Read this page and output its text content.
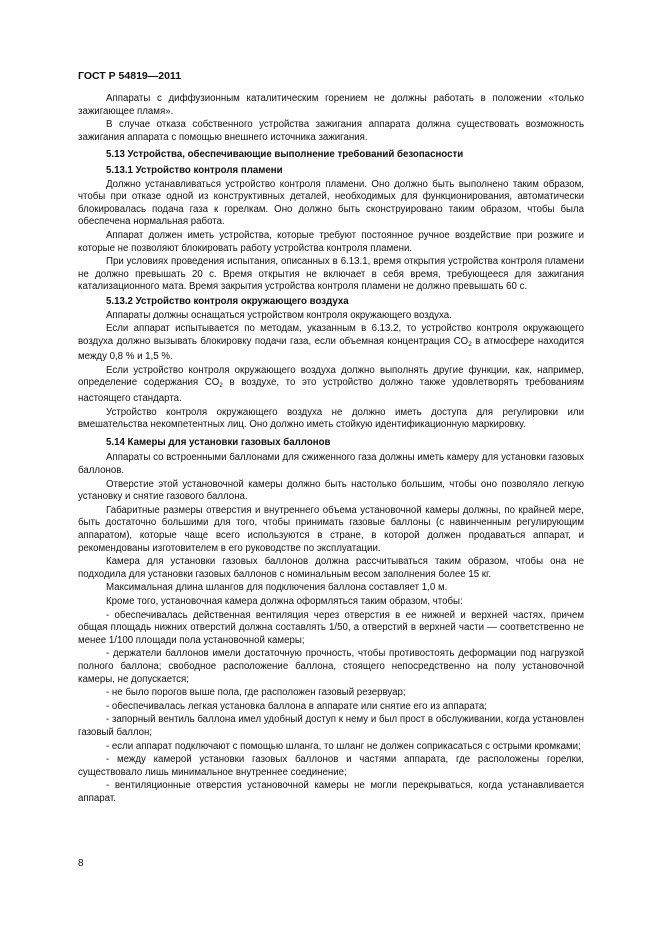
ГОСТ Р 54819—2011

Аппараты с диффузионным каталитическим горением не должны работать в положении «только зажигающее пламя».

В случае отказа собственного устройства зажигания аппарата должна существовать возможность зажигания аппарата с помощью внешнего источника зажигания.

5.13 Устройства, обеспечивающие выполнение требований безопасности
5.13.1 Устройство контроля пламени

Должно устанавливаться устройство контроля пламени. Оно должно быть выполнено таким образом, чтобы при отказе одной из конструктивных деталей, необходимых для функционирования, автоматически блокировалась подача газа к горелкам. Оно должно быть сконструировано таким образом, чтобы была обеспечена нормальная работа.

Аппарат должен иметь устройства, которые требуют постоянное ручное воздействие при розжиге и которые не позволяют блокировать работу устройства контроля пламени.

При условиях проведения испытания, описанных в 6.13.1, время открытия устройства контроля пламени не должно превышать 20 с. Время открытия не включает в себя время, требующееся для зажигания катализационного мата. Время закрытия устройства контроля пламени не должно превышать 60 с.

5.13.2 Устройство контроля окружающего воздуха

Аппараты должны оснащаться устройством контроля окружающего воздуха.

Если аппарат испытывается по методам, указанным в 6.13.2, то устройство контроля окружающего воздуха должно вызывать блокировку подачи газа, если объемная концентрация $CO_2$ в атмосфере находится между 0,8 % и 1,5 %.

Если устройство контроля окружающего воздуха должно выполнять другие функции, как, например, определение содержания $CO_2$ в воздухе, то это устройство должно также удовлетворять требованиям настоящего стандарта.

Устройство контроля окружающего воздуха не должно иметь доступа для регулировки или вмешательства некомпетентных лиц. Оно должно иметь стойкую идентификационную маркировку.

5.14 Камеры для установки газовых баллонов

Аппараты со встроенными баллонами для сжиженного газа должны иметь камеру для установки газовых баллонов.

Отверстие этой установочной камеры должно быть настолько большим, чтобы оно позволяло легкую установку и снятие газового баллона.

Габаритные размеры отверстия и внутреннего объема установочной камеры должны, по крайней мере, быть достаточно большими для того, чтобы принимать газовые баллоны (с навинченным регулирующим аппаратом), которые чаще всего используются в стране, в которой должен продаваться аппарат, и рекомендованы изготовителем в его руководстве по эксплуатации.

Камера для установки газовых баллонов должна рассчитываться таким образом, чтобы она не подходила для установки газовых баллонов с номинальным весом заполнения более 15 кг.

Максимальная длина шлангов для подключения баллона составляет 1,0 м.

Кроме того, установочная камера должна оформляться таким образом, чтобы:

- обеспечивалась действенная вентиляция через отверстия в ее нижней и верхней частях, причем общая площадь нижних отверстий должна составлять 1/50, а отверстий в верхней части — соответственно не менее 1/100 площади пола установочной камеры;

- держатели баллонов имели достаточную прочность, чтобы противостоять деформации под нагрузкой полного баллона; свободное расположение баллона, стоящего непосредственно на полу установочной камеры, не допускается;

- не было порогов выше пола, где расположен газовый резервуар;

- обеспечивалась легкая установка баллона в аппарате или снятие его из аппарата;

- запорный вентиль баллона имел удобный доступ к нему и был прост в обслуживании, когда установлен газовый баллон;

- если аппарат подключают с помощью шланга, то шланг не должен соприкасаться с острыми кромками;

- между камерой установки газовых баллонов и частями аппарата, где расположены горелки, существовало лишь минимальное внутреннее соединение;

- вентиляционные отверстия установочной камеры не могли перекрываться, когда устанавливается аппарат.

8
